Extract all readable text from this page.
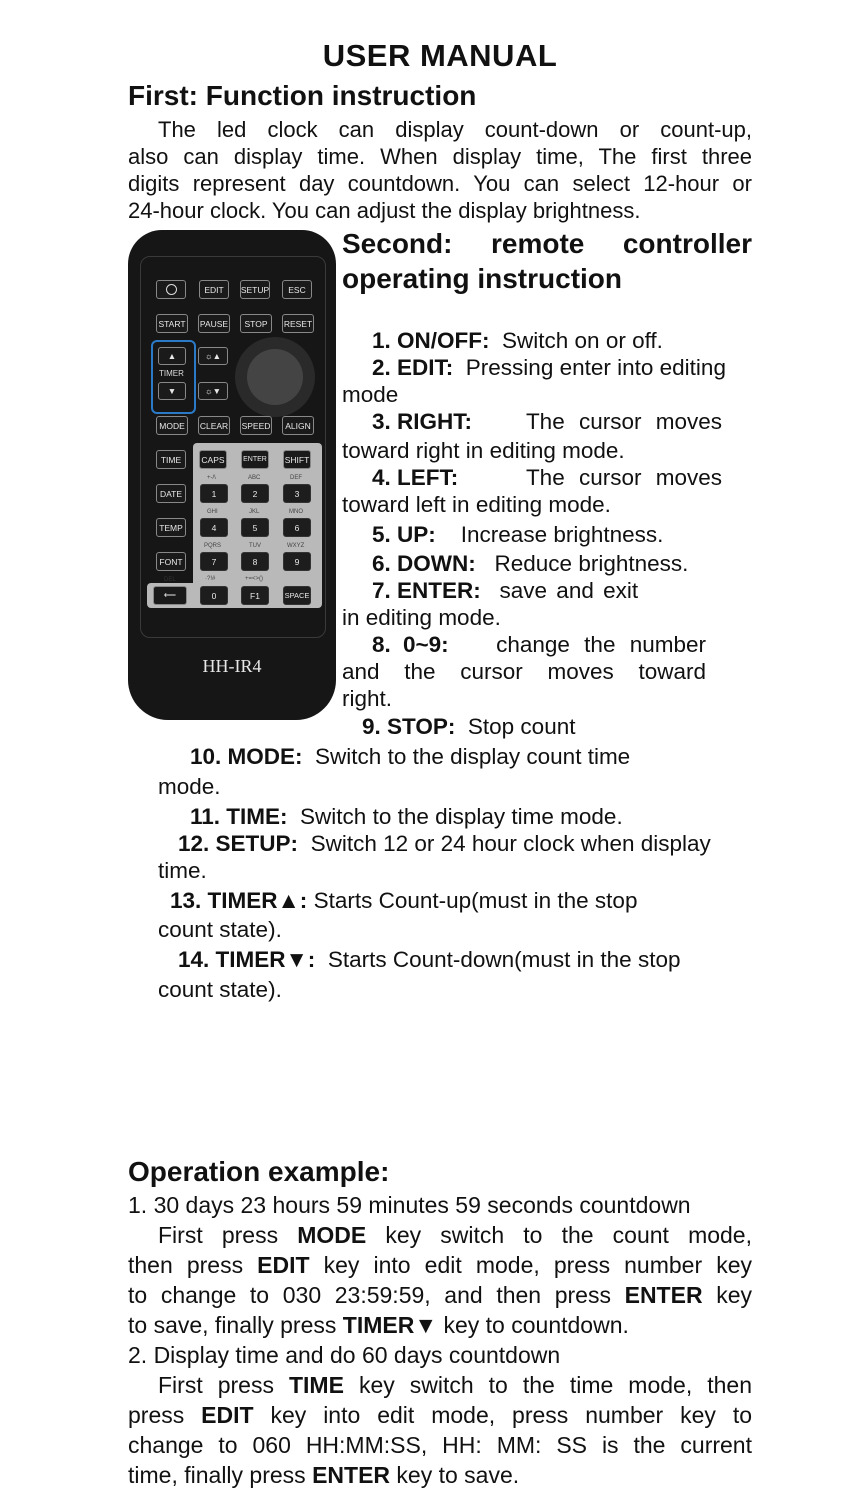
USER MANUAL
First: Function instruction
The led clock can display count-down or count-up,
also can display time. When display time, The first three
digits represent day countdown. You can select 12-hour or
24-hour clock. You can adjust the display brightness.
EDIT	SETUP	ESC
START PAUSE	STOP	RESET
▲
TIMER
▼
☼▲
☼▼
MODE	CLEAR SPEED	ALIGN
TIME	CAPS	ENTER SHIFT
DATE
TEMP
FONT
+-/\	ABC	DEF
GHI	JKL	MNO
PQRS	TUV	WXYZ
·?!#	+=<>()
1	2	3
4	5	6
7	8	9
DEL
⟵	0	F1	SPACE
HH-IR4
Second: remote controller
operating instruction
1. ON/OFF: Switch on or off.
2. EDIT: Pressing enter into editing
mode
3. RIGHT: The cursor moves
toward right in editing mode.
4. LEFT:	The cursor moves
toward left in editing mode.
5. UP: Increase brightness.
6. DOWN: Reduce brightness.
7. ENTER: save and exit
in editing mode.
8. 0~9: change the number
and the cursor moves toward
right.
9. STOP: Stop count
10. MODE: Switch to the display count time
mode.
11. TIME: Switch to the display time mode.
12. SETUP: Switch 12 or 24 hour clock when display
time.
13. TIMER▲: Starts Count-up(must in the stop
count state).
14. TIMER▼: Starts Count-down(must in the stop
count state).
Operation example:
1. 30 days 23 hours 59 minutes 59 seconds countdown
First press MODE key switch to the count mode,
then press EDIT key into edit mode, press number key
to change to 030 23:59:59, and then press ENTER key
to save, finally press TIMER▼ key to countdown.
2. Display time and do 60 days countdown
First press TIME key switch to the time mode, then
press EDIT key into edit mode, press number key to
change to 060 HH:MM:SS, HH: MM: SS is the current
time, finally press ENTER key to save.
